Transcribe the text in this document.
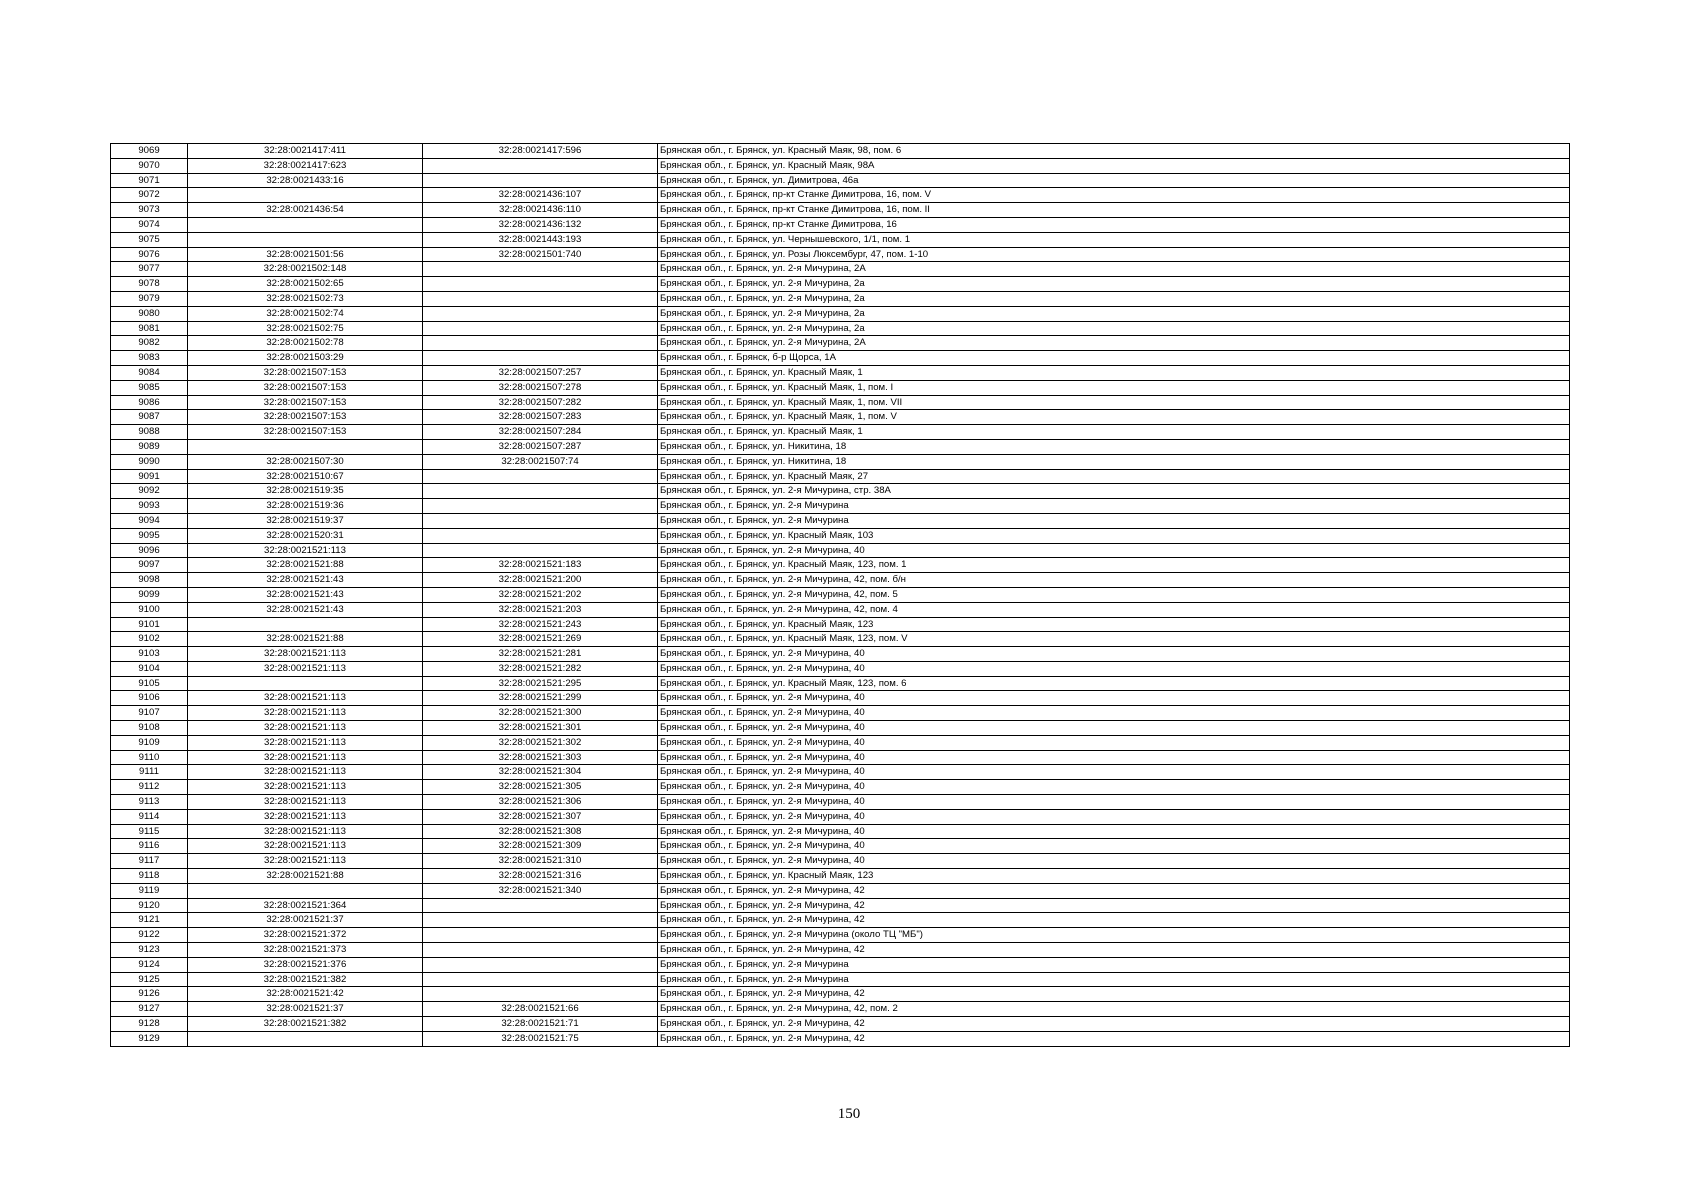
9069	32:28:0021417:411	32:28:0021417:596	Брянская обл., г. Брянск, ул. Красный Маяк, 98, пом. 6
9070	32:28:0021417:623		Брянская обл., г. Брянск, ул. Красный Маяк, 98А
9071	32:28:0021433:16		Брянская обл., г. Брянск, ул. Димитрова, 46а
9072		32:28:0021436:107	Брянская обл., г. Брянск, пр-кт Станке Димитрова, 16, пом. V
9073	32:28:0021436:54	32:28:0021436:110	Брянская обл., г. Брянск, пр-кт Станке Димитрова, 16, пом. II
9074		32:28:0021436:132	Брянская обл., г. Брянск, пр-кт Станке Димитрова, 16
9075		32:28:0021443:193	Брянская обл., г. Брянск, ул. Чернышевского, 1/1, пом. 1
9076	32:28:0021501:56	32:28:0021501:740	Брянская обл., г. Брянск, ул. Розы Люксембург, 47, пом. 1-10
9077	32:28:0021502:148		Брянская обл., г. Брянск, ул. 2-я Мичурина, 2А
9078	32:28:0021502:65		Брянская обл., г. Брянск, ул. 2-я Мичурина, 2а
9079	32:28:0021502:73		Брянская обл., г. Брянск, ул. 2-я Мичурина, 2а
9080	32:28:0021502:74		Брянская обл., г. Брянск, ул. 2-я Мичурина, 2а
9081	32:28:0021502:75		Брянская обл., г. Брянск, ул. 2-я Мичурина, 2а
9082	32:28:0021502:78		Брянская обл., г. Брянск, ул. 2-я Мичурина, 2А
9083	32:28:0021503:29		Брянская обл., г. Брянск, б-р Щорса, 1А
9084	32:28:0021507:153	32:28:0021507:257	Брянская обл., г. Брянск, ул. Красный Маяк, 1
9085	32:28:0021507:153	32:28:0021507:278	Брянская обл., г. Брянск, ул. Красный Маяк, 1, пом. I
9086	32:28:0021507:153	32:28:0021507:282	Брянская обл., г. Брянск, ул. Красный Маяк, 1, пом. VII
9087	32:28:0021507:153	32:28:0021507:283	Брянская обл., г. Брянск, ул. Красный Маяк, 1, пом. V
9088	32:28:0021507:153	32:28:0021507:284	Брянская обл., г. Брянск, ул. Красный Маяк, 1
9089		32:28:0021507:287	Брянская обл., г. Брянск, ул. Никитина, 18
9090	32:28:0021507:30	32:28:0021507:74	Брянская обл., г. Брянск, ул. Никитина, 18
9091	32:28:0021510:67		Брянская обл., г. Брянск, ул. Красный Маяк, 27
9092	32:28:0021519:35		Брянская обл., г. Брянск, ул. 2-я Мичурина, стр. 38А
9093	32:28:0021519:36		Брянская обл., г. Брянск, ул. 2-я Мичурина
9094	32:28:0021519:37		Брянская обл., г. Брянск, ул. 2-я Мичурина
9095	32:28:0021520:31		Брянская обл., г. Брянск, ул. Красный Маяк, 103
9096	32:28:0021521:113		Брянская обл., г. Брянск, ул. 2-я Мичурина, 40
9097	32:28:0021521:88	32:28:0021521:183	Брянская обл., г. Брянск, ул. Красный Маяк, 123, пом. 1
9098	32:28:0021521:43	32:28:0021521:200	Брянская обл., г. Брянск, ул. 2-я Мичурина, 42, пом. б/н
9099	32:28:0021521:43	32:28:0021521:202	Брянская обл., г. Брянск, ул. 2-я Мичурина, 42, пом. 5
9100	32:28:0021521:43	32:28:0021521:203	Брянская обл., г. Брянск, ул. 2-я Мичурина, 42, пом. 4
9101		32:28:0021521:243	Брянская обл., г. Брянск, ул. Красный Маяк, 123
9102	32:28:0021521:88	32:28:0021521:269	Брянская обл., г. Брянск, ул. Красный Маяк, 123, пом. V
9103	32:28:0021521:113	32:28:0021521:281	Брянская обл., г. Брянск, ул. 2-я Мичурина, 40
9104	32:28:0021521:113	32:28:0021521:282	Брянская обл., г. Брянск, ул. 2-я Мичурина, 40
9105		32:28:0021521:295	Брянская обл., г. Брянск, ул. Красный Маяк, 123, пом. 6
9106	32:28:0021521:113	32:28:0021521:299	Брянская обл., г. Брянск, ул. 2-я Мичурина, 40
9107	32:28:0021521:113	32:28:0021521:300	Брянская обл., г. Брянск, ул. 2-я Мичурина, 40
9108	32:28:0021521:113	32:28:0021521:301	Брянская обл., г. Брянск, ул. 2-я Мичурина, 40
9109	32:28:0021521:113	32:28:0021521:302	Брянская обл., г. Брянск, ул. 2-я Мичурина, 40
9110	32:28:0021521:113	32:28:0021521:303	Брянская обл., г. Брянск, ул. 2-я Мичурина, 40
9111	32:28:0021521:113	32:28:0021521:304	Брянская обл., г. Брянск, ул. 2-я Мичурина, 40
9112	32:28:0021521:113	32:28:0021521:305	Брянская обл., г. Брянск, ул. 2-я Мичурина, 40
9113	32:28:0021521:113	32:28:0021521:306	Брянская обл., г. Брянск, ул. 2-я Мичурина, 40
9114	32:28:0021521:113	32:28:0021521:307	Брянская обл., г. Брянск, ул. 2-я Мичурина, 40
9115	32:28:0021521:113	32:28:0021521:308	Брянская обл., г. Брянск, ул. 2-я Мичурина, 40
9116	32:28:0021521:113	32:28:0021521:309	Брянская обл., г. Брянск, ул. 2-я Мичурина, 40
9117	32:28:0021521:113	32:28:0021521:310	Брянская обл., г. Брянск, ул. 2-я Мичурина, 40
9118	32:28:0021521:88	32:28:0021521:316	Брянская обл., г. Брянск, ул. Красный Маяк, 123
9119		32:28:0021521:340	Брянская обл., г. Брянск, ул. 2-я Мичурина, 42
9120	32:28:0021521:364		Брянская обл., г. Брянск, ул. 2-я Мичурина, 42
9121	32:28:0021521:37		Брянская обл., г. Брянск, ул. 2-я Мичурина, 42
9122	32:28:0021521:372		Брянская обл., г. Брянск, ул. 2-я Мичурина (около ТЦ "МБ")
9123	32:28:0021521:373		Брянская обл., г. Брянск, ул. 2-я Мичурина, 42
9124	32:28:0021521:376		Брянская обл., г. Брянск, ул. 2-я Мичурина
9125	32:28:0021521:382		Брянская обл., г. Брянск, ул. 2-я Мичурина
9126	32:28:0021521:42		Брянская обл., г. Брянск, ул. 2-я Мичурина, 42
9127	32:28:0021521:37	32:28:0021521:66	Брянская обл., г. Брянск, ул. 2-я Мичурина, 42, пом. 2
9128	32:28:0021521:382	32:28:0021521:71	Брянская обл., г. Брянск, ул. 2-я Мичурина, 42
9129		32:28:0021521:75	Брянская обл., г. Брянск, ул. 2-я Мичурина, 42
150
